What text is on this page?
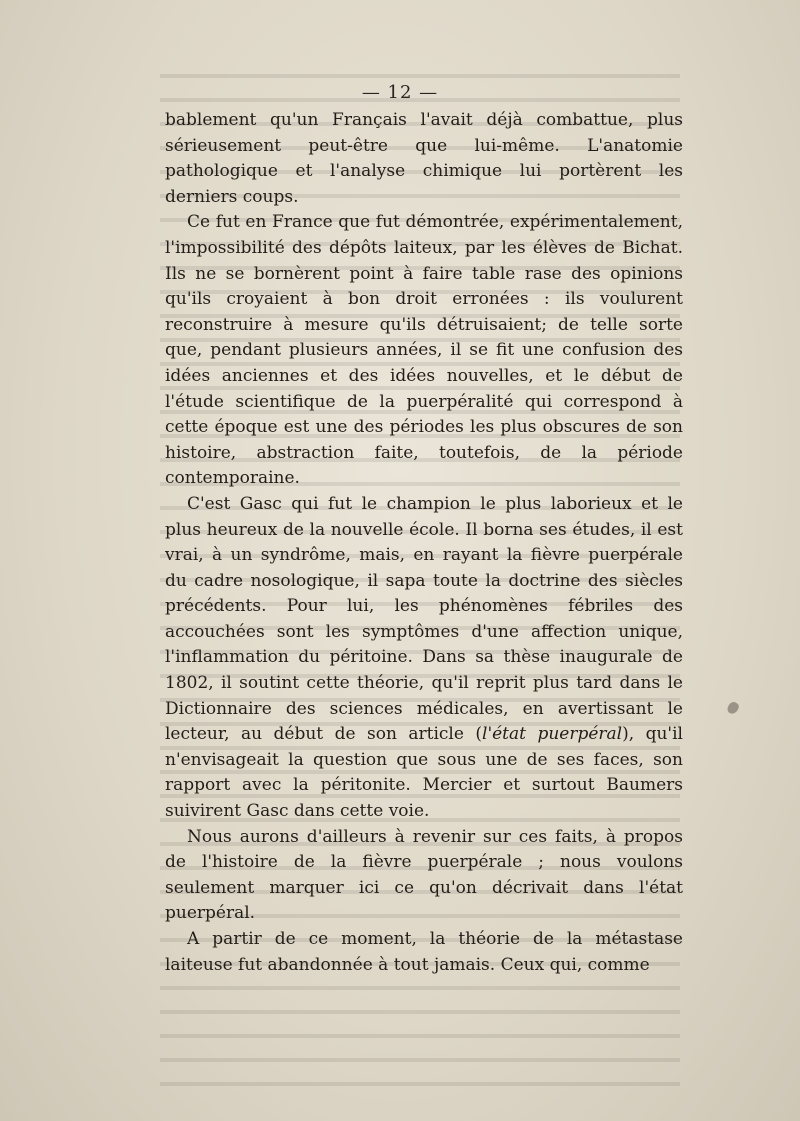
— 12 —

bablement qu'un Français l'avait déjà combattue, plus sérieusement peut-être que lui-même. L'anatomie pathologique et l'analyse chimique lui portèrent les derniers coups.

Ce fut en France que fut démontrée, expérimentalement, l'impossibilité des dépôts laiteux, par les élèves de Bichat. Ils ne se bornèrent point à faire table rase des opinions qu'ils croyaient à bon droit erronées : ils voulurent reconstruire à mesure qu'ils détruisaient; de telle sorte que, pendant plusieurs années, il se fit une confusion des idées anciennes et des idées nouvelles, et le début de l'étude scientifique de la puerpéralité qui correspond à cette époque est une des périodes les plus obscures de son histoire, abstraction faite, toutefois, de la période contemporaine.

C'est Gasc qui fut le champion le plus laborieux et le plus heureux de la nouvelle école. Il borna ses études, il est vrai, à un syndrôme, mais, en rayant la fièvre puerpérale du cadre nosologique, il sapa toute la doctrine des siècles précédents. Pour lui, les phénomènes fébriles des accouchées sont les symptômes d'une affection unique, l'inflammation du péritoine. Dans sa thèse inaugurale de 1802, il soutint cette théorie, qu'il reprit plus tard dans le Dictionnaire des sciences médicales, en avertissant le lecteur, au début de son article (l'état puerpéral), qu'il n'envisageait la question que sous une de ses faces, son rapport avec la péritonite. Mercier et surtout Baumers suivirent Gasc dans cette voie.

Nous aurons d'ailleurs à revenir sur ces faits, à propos de l'histoire de la fièvre puerpérale ; nous voulons seulement marquer ici ce qu'on décrivait dans l'état puerpéral.

A partir de ce moment, la théorie de la métastase laiteuse fut abandonnée à tout jamais. Ceux qui, comme
